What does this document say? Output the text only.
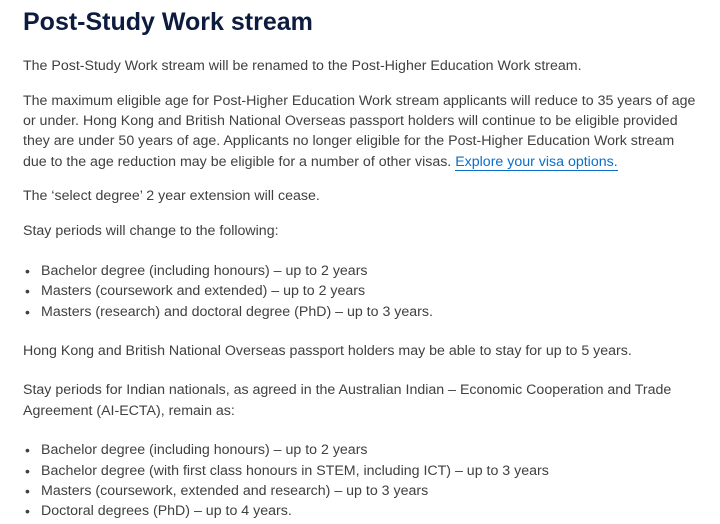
Post-Study Work stream

The Post-Study Work stream will be renamed to the Post-Higher Education Work stream.

The maximum eligible age for Post-Higher Education Work stream applicants will reduce to 35 years of age or under. Hong Kong and British National Overseas passport holders will continue to be eligible provided they are under 50 years of age. Applicants no longer eligible for the Post-Higher Education Work stream due to the age reduction may be eligible for a number of other visas. Explore your visa options.

The ‘select degree’ 2 year extension will cease.

Stay periods will change to the following:

• Bachelor degree (including honours) – up to 2 years
• Masters (coursework and extended) – up to 2 years
• Masters (research) and doctoral degree (PhD) – up to 3 years.

Hong Kong and British National Overseas passport holders may be able to stay for up to 5 years.

Stay periods for Indian nationals, as agreed in the Australian Indian – Economic Cooperation and Trade Agreement (AI-ECTA), remain as:

• Bachelor degree (including honours) – up to 2 years
• Bachelor degree (with first class honours in STEM, including ICT) – up to 3 years
• Masters (coursework, extended and research) – up to 3 years
• Doctoral degrees (PhD) – up to 4 years.
